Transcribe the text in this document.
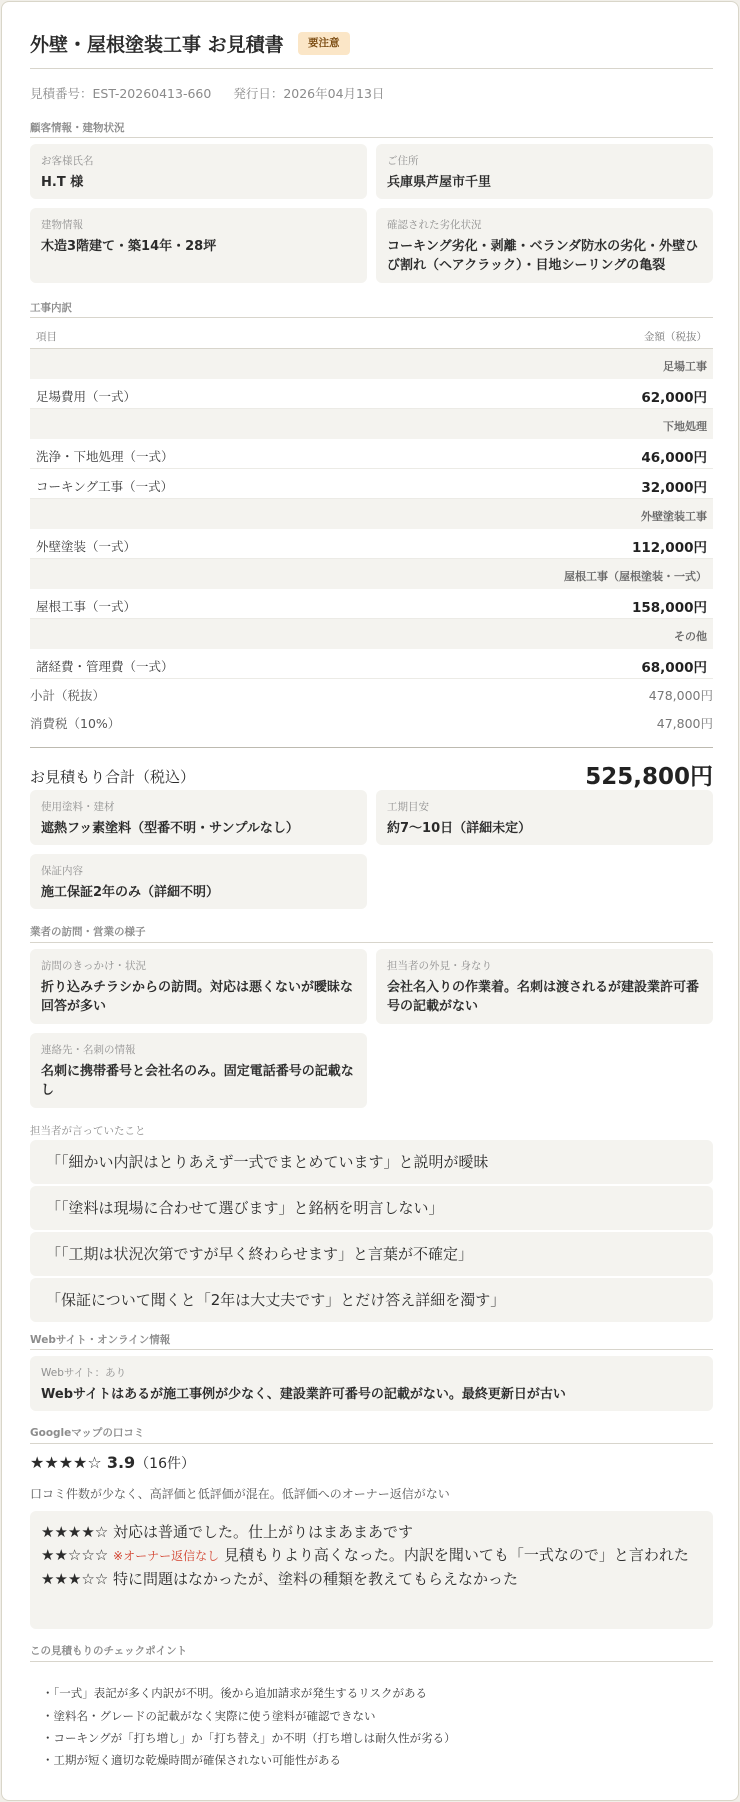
外壁・屋根塗装工事 お見積書	要注意
見積番号：EST-20260413-660 発行日：2026年04月13日
顧客情報・建物状況
お客様氏名
H.T 様
ご住所
兵庫県芦屋市千里
建物情報
木造3階建て・築14年・28坪
確認された劣化状況
コーキング劣化・剥離・ベランダ防水の劣化・外壁ひび割れ（ヘアクラック）・目地シーリングの亀裂
工事内訳
項目	金額（税抜）
足場工事
足場費用（一式）	62,000円
下地処理
洗浄・下地処理（一式）	46,000円
コーキング工事（一式）	32,000円
外壁塗装工事
外壁塗装（一式）	112,000円
屋根工事（屋根塗装・一式）
屋根工事（一式）	158,000円
その他
諸経費・管理費（一式）	68,000円
小計（税抜）	478,000円
消費税（10%）	47,800円
お見積もり合計（税込）	525,800円
使用塗料・建材
遮熱フッ素塗料（型番不明・サンプルなし）
工期目安
約7〜10日（詳細未定）
保証内容
施工保証2年のみ（詳細不明）
業者の訪問・営業の様子
訪問のきっかけ・状況
折り込みチラシからの訪問。対応は悪くないが曖昧な回答が多い
担当者の外見・身なり
会社名入りの作業着。名刺は渡されるが建設業許可番号の記載がない
連絡先・名刺の情報
名刺に携帯番号と会社名のみ。固定電話番号の記載なし
担当者が言っていたこと
「「細かい内訳はとりあえず一式でまとめています」と説明が曖昧
「「塗料は現場に合わせて選びます」と銘柄を明言しない」
「「工期は状況次第ですが早く終わらせます」と言葉が不確定」
「保証について聞くと「2年は大丈夫です」とだけ答え詳細を濁す」
Webサイト・オンライン情報
Webサイト：あり
Webサイトはあるが施工事例が少なく、建設業許可番号の記載がない。最終更新日が古い
Googleマップの口コミ
★★★★☆ 3.9（16件）
口コミ件数が少なく、高評価と低評価が混在。低評価へのオーナー返信がない
★★★★☆ 対応は普通でした。仕上がりはまあまあです
★★☆☆☆ ※オーナー返信なし 見積もりより高くなった。内訳を聞いても「一式なので」と言われた
★★★☆☆ 特に問題はなかったが、塗料の種類を教えてもらえなかった
この見積もりのチェックポイント
・「一式」表記が多く内訳が不明。後から追加請求が発生するリスクがある
・塗料名・グレードの記載がなく実際に使う塗料が確認できない
・コーキングが「打ち増し」か「打ち替え」か不明（打ち増しは耐久性が劣る）
・工期が短く適切な乾燥時間が確保されない可能性がある
